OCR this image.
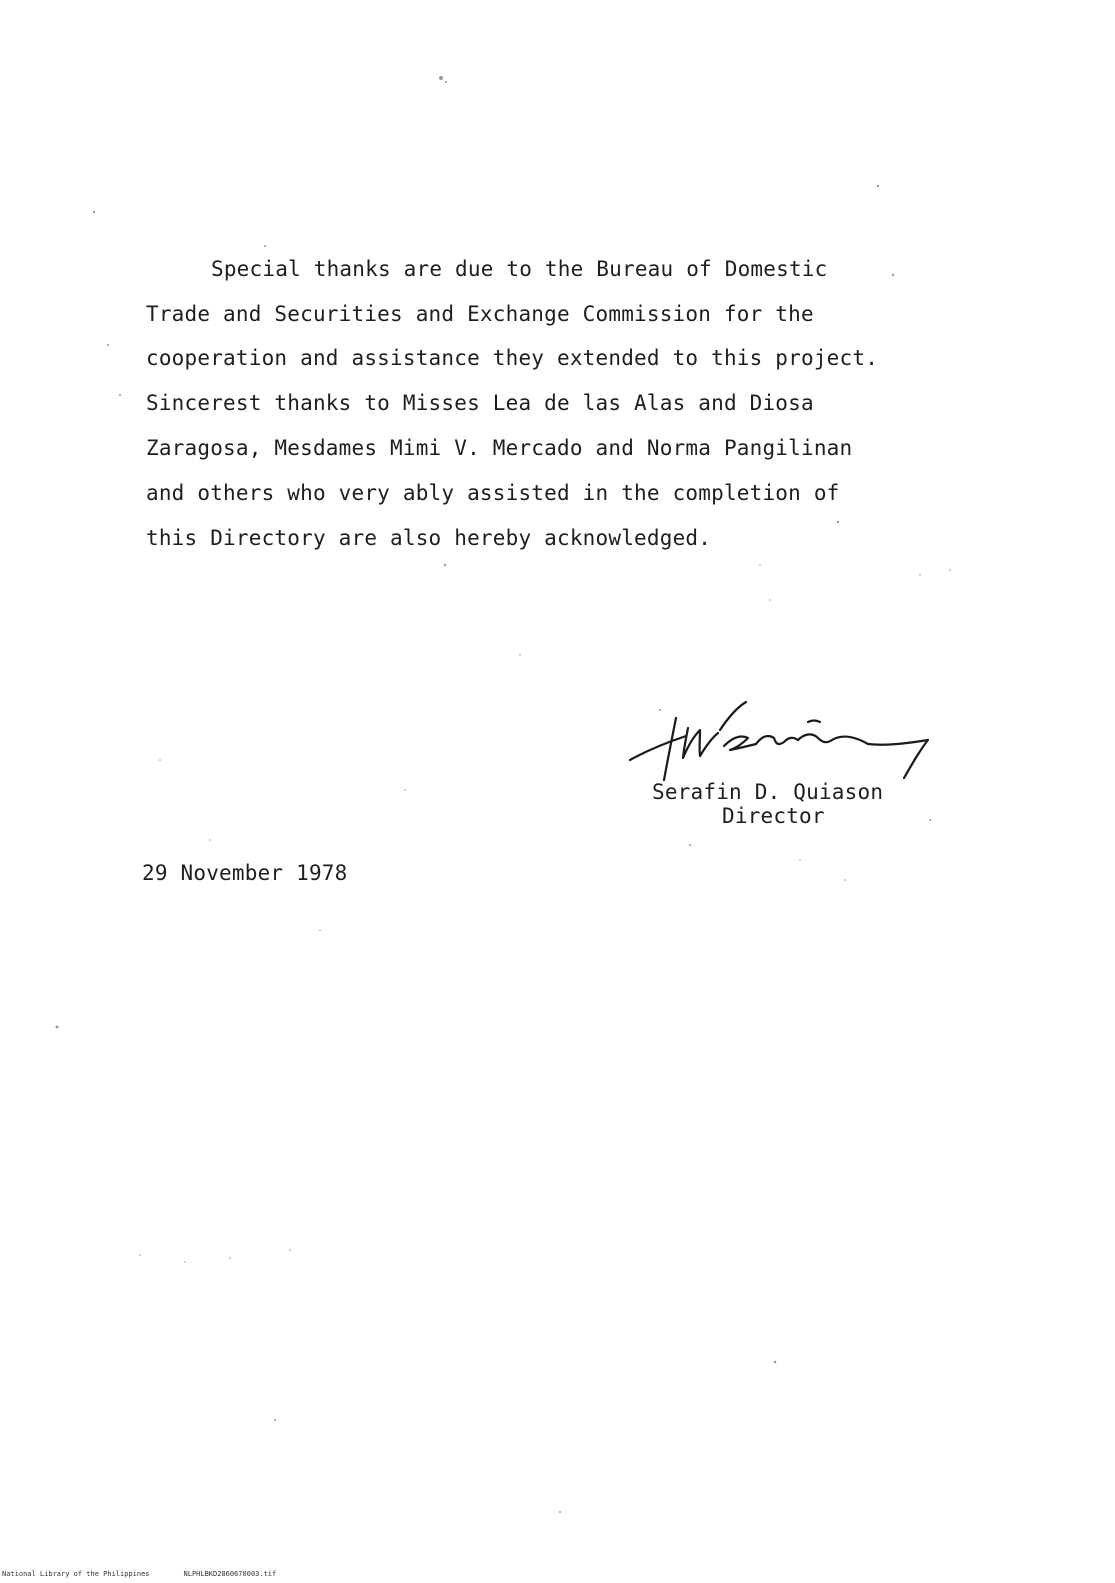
Special thanks are due to the Bureau of Domestic

Trade and Securities and Exchange Commission for the

cooperation and assistance they extended to this project.

Sincerest thanks to Misses Lea de las Alas and Diosa

Zaragosa, Mesdames Mimi V. Mercado and Norma Pangilinan

and others who very ably assisted in the completion of

this Directory are also hereby acknowledged.

Serafin D. Quiason
Director
29 November 1978
National Library of the Philippines	NLPHLBKD2860670003.tif
